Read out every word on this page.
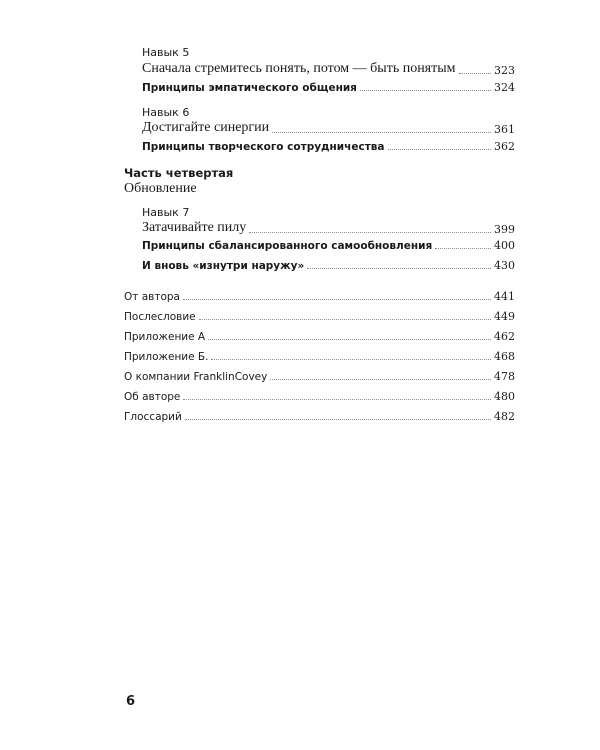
Навык 5
Сначала стремитесь понять, потом — быть понятым	323
Принципы эмпатического общения	324
Навык 6
Достигайте синергии	361
Принципы творческого сотрудничества	362
Часть четвертая
Обновление
Навык 7
Затачивайте пилу	399
Принципы сбалансированного самообновления	400
И вновь «изнутри наружу»	430
От автора	441
Послесловие	449
Приложение А	462
Приложение Б.	468
О компании FranklinCovey	478
Об авторе	480
Глоссарий	482
6
